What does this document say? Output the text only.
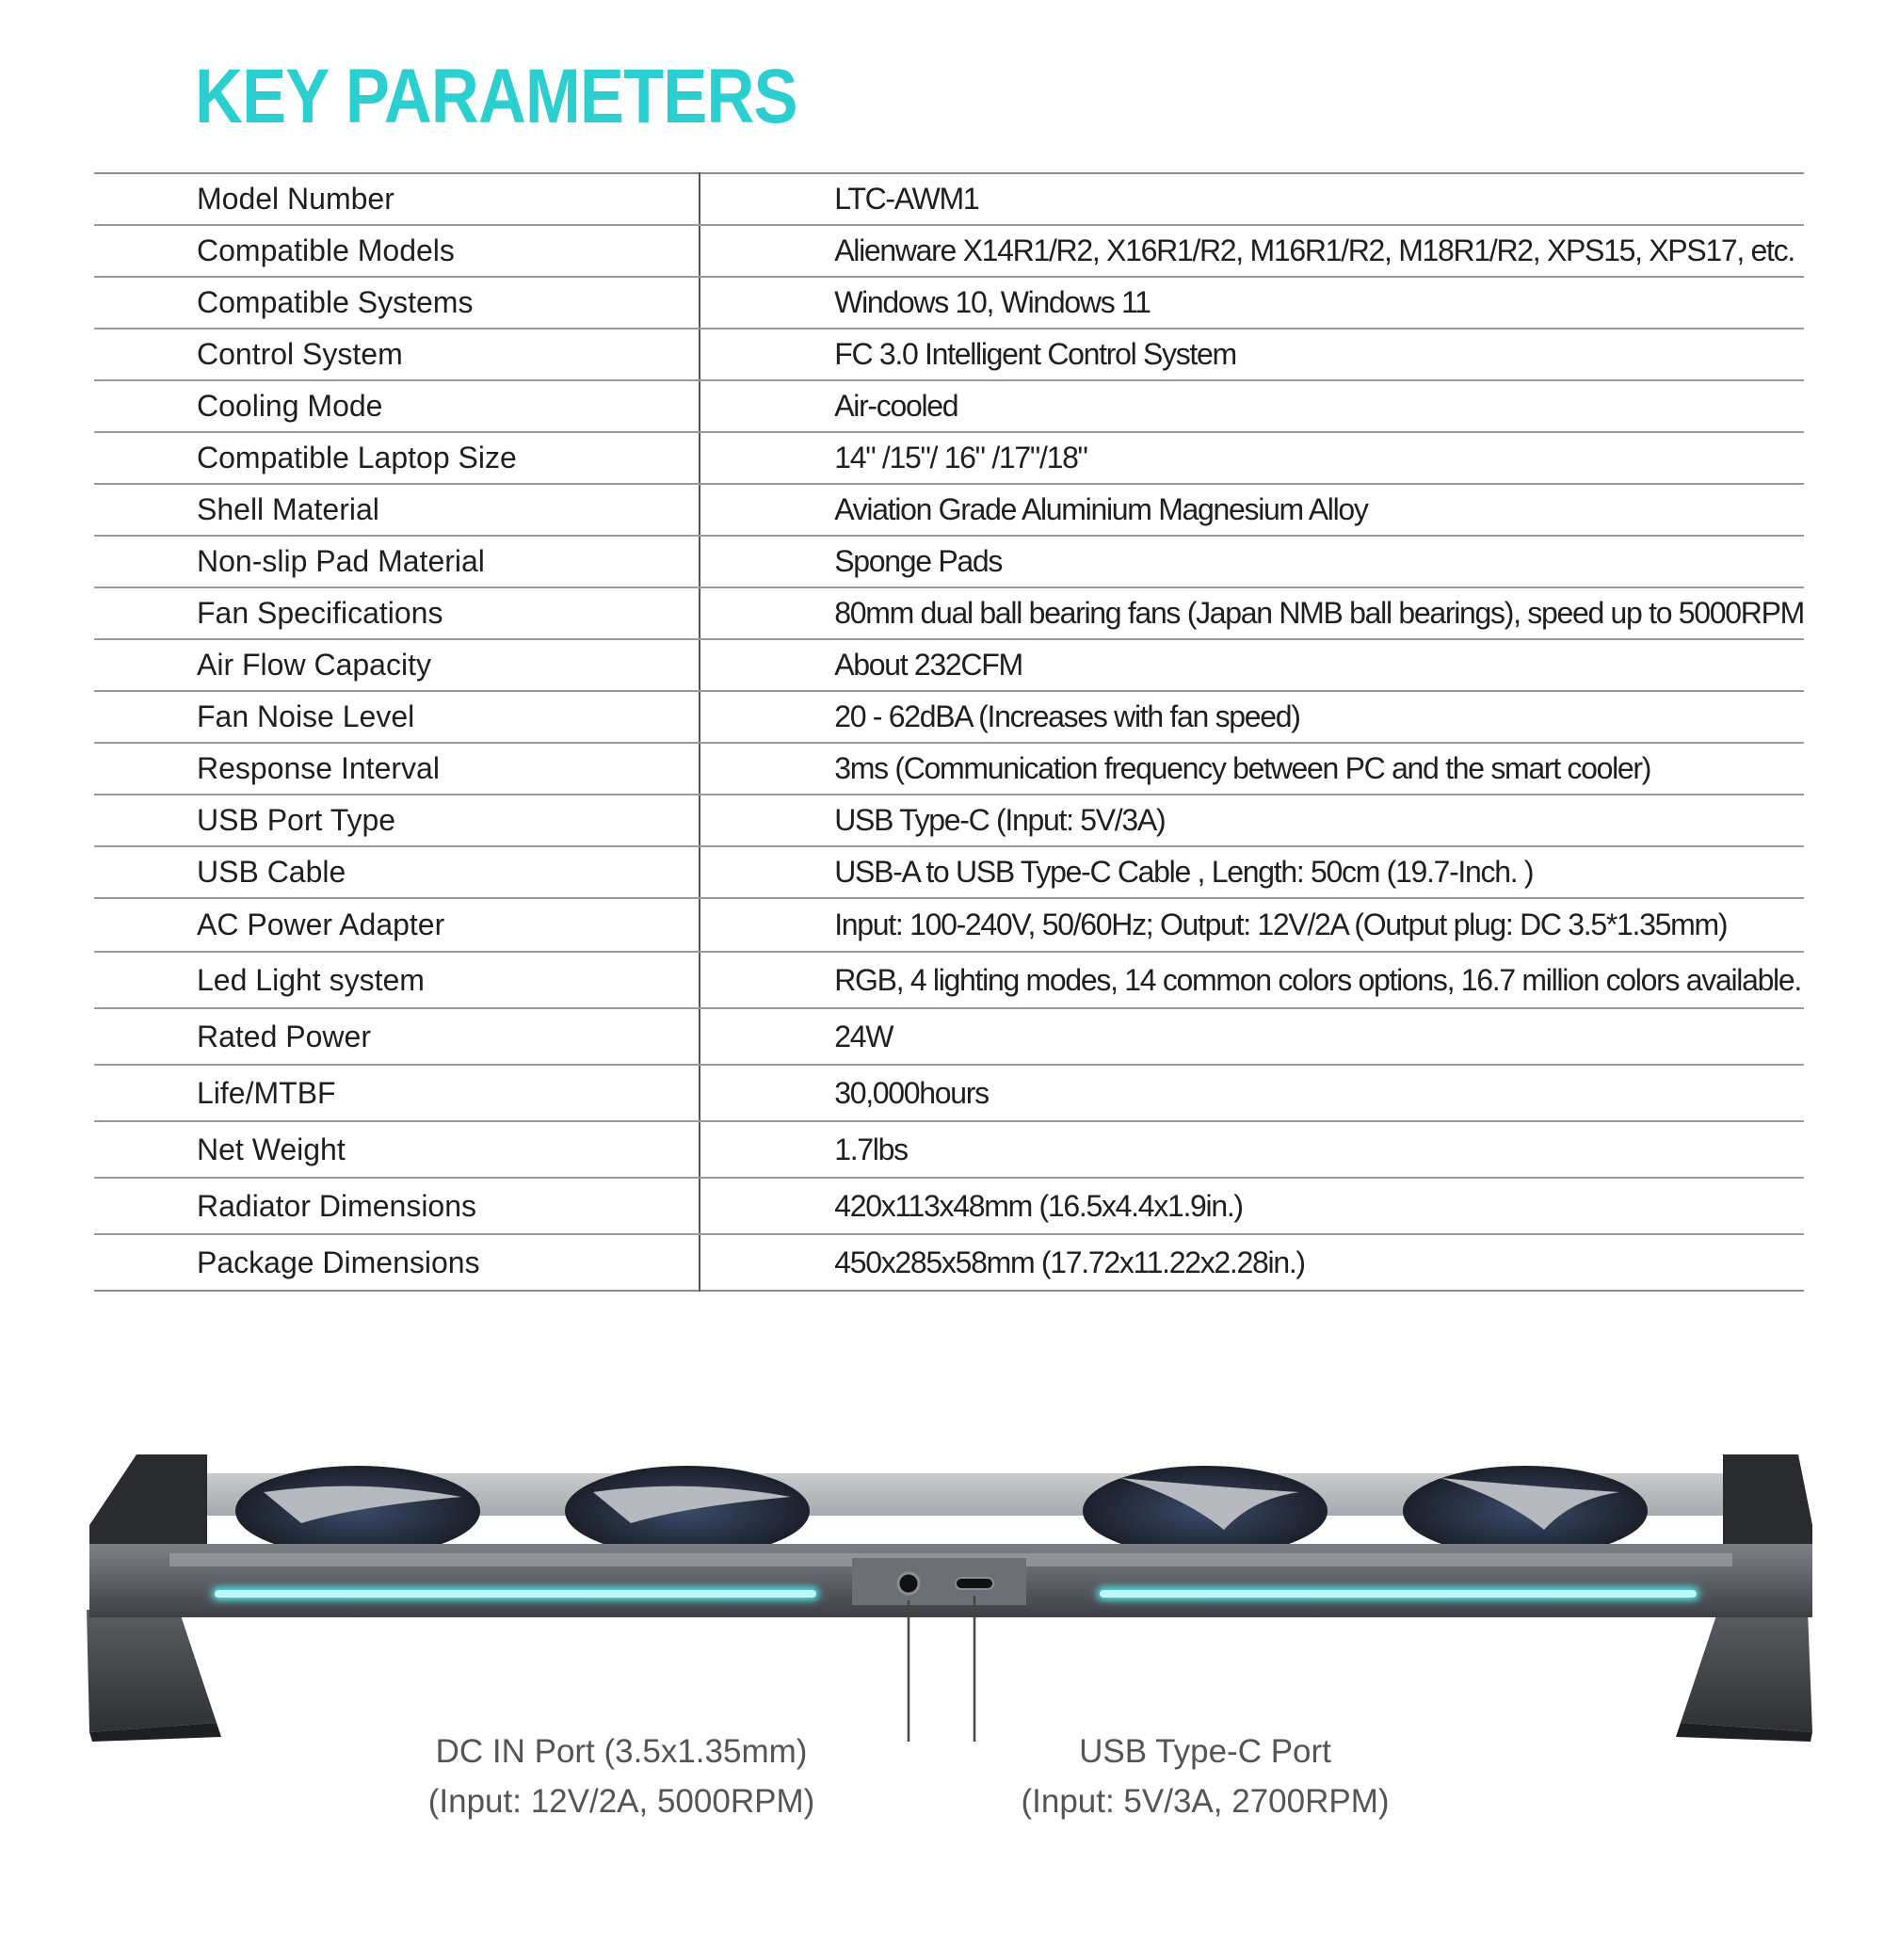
KEY PARAMETERS
Model Number	LTC-AWM1
Compatible Models	Alienware X14R1/R2, X16R1/R2, M16R1/R2, M18R1/R2, XPS15, XPS17, etc.
Compatible Systems	Windows 10, Windows 11
Control System	FC 3.0 Intelligent Control System
Cooling Mode	Air-cooled
Compatible Laptop Size	14" /15"/ 16" /17"/18"
Shell Material	Aviation Grade Aluminium Magnesium Alloy
Non-slip Pad Material	Sponge Pads
Fan Specifications	80mm dual ball bearing fans (Japan NMB ball bearings), speed up to 5000RPM
Air Flow Capacity	About 232CFM
Fan Noise Level	20 - 62dBA (Increases with fan speed)
Response Interval	3ms (Communication frequency between PC and the smart cooler)
USB Port Type	USB Type-C (Input: 5V/3A)
USB Cable	USB-A to USB Type-C Cable , Length: 50cm (19.7-Inch. )
AC Power Adapter	Input: 100-240V, 50/60Hz; Output: 12V/2A (Output plug: DC 3.5*1.35mm)
Led Light system	RGB, 4 lighting modes, 14 common colors options, 16.7 million colors available.
Rated Power	24W
Life/MTBF	30,000hours
Net Weight	1.7lbs
Radiator Dimensions	420x113x48mm (16.5x4.4x1.9in.)
Package Dimensions	450x285x58mm (17.72x11.22x2.28in.)
DC IN Port (3.5x1.35mm)
(Input: 12V/2A, 5000RPM)
USB Type-C Port
(Input: 5V/3A, 2700RPM)
